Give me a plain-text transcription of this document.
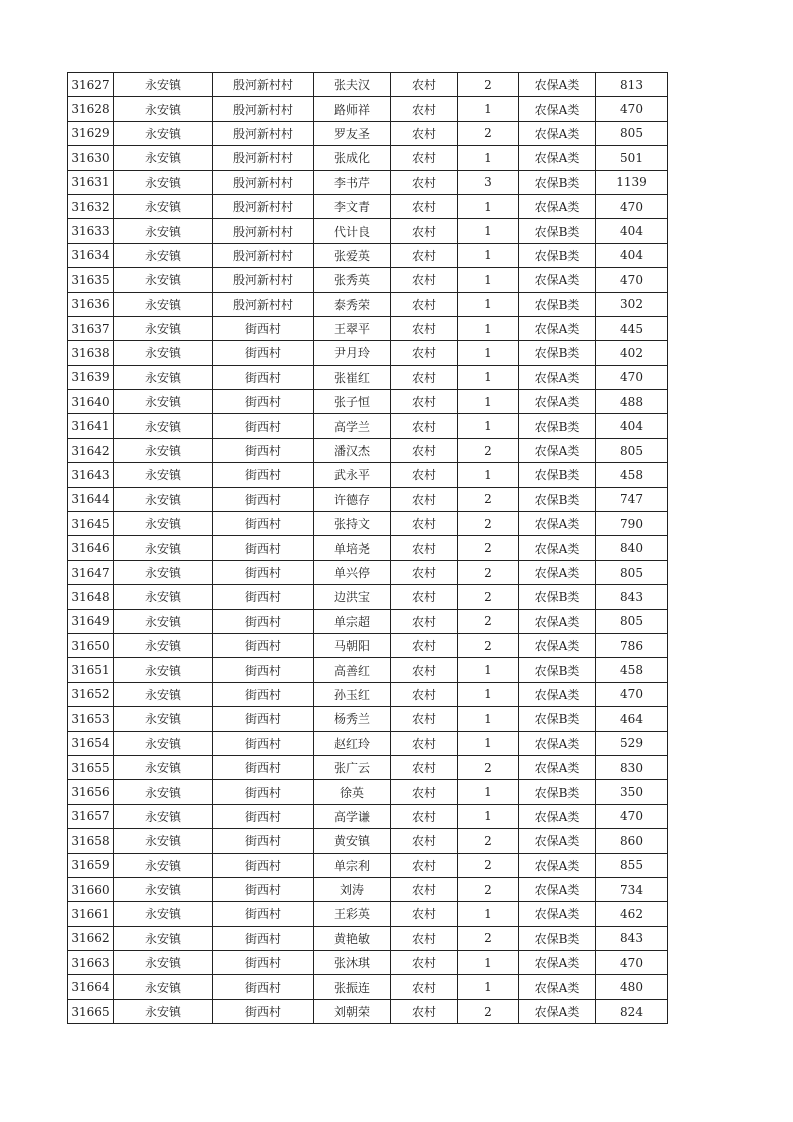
31627	永安镇	殷河新村村	张夫汉	农村	2	农保A类	813
31628	永安镇	殷河新村村	路师祥	农村	1	农保A类	470
31629	永安镇	殷河新村村	罗友圣	农村	2	农保A类	805
31630	永安镇	殷河新村村	张成化	农村	1	农保A类	501
31631	永安镇	殷河新村村	李书芹	农村	3	农保B类	1139
31632	永安镇	殷河新村村	李文青	农村	1	农保A类	470
31633	永安镇	殷河新村村	代计良	农村	1	农保B类	404
31634	永安镇	殷河新村村	张爱英	农村	1	农保B类	404
31635	永安镇	殷河新村村	张秀英	农村	1	农保A类	470
31636	永安镇	殷河新村村	泰秀荣	农村	1	农保B类	302
31637	永安镇	街西村	王翠平	农村	1	农保A类	445
31638	永安镇	街西村	尹月玲	农村	1	农保B类	402
31639	永安镇	街西村	张崔红	农村	1	农保A类	470
31640	永安镇	街西村	张子恒	农村	1	农保A类	488
31641	永安镇	街西村	高学兰	农村	1	农保B类	404
31642	永安镇	街西村	潘汉杰	农村	2	农保A类	805
31643	永安镇	街西村	武永平	农村	1	农保B类	458
31644	永安镇	街西村	许德存	农村	2	农保B类	747
31645	永安镇	街西村	张持文	农村	2	农保A类	790
31646	永安镇	街西村	单培尧	农村	2	农保A类	840
31647	永安镇	街西村	单兴停	农村	2	农保A类	805
31648	永安镇	街西村	边洪宝	农村	2	农保B类	843
31649	永安镇	街西村	单宗超	农村	2	农保A类	805
31650	永安镇	街西村	马朝阳	农村	2	农保A类	786
31651	永安镇	街西村	高善红	农村	1	农保B类	458
31652	永安镇	街西村	孙玉红	农村	1	农保A类	470
31653	永安镇	街西村	杨秀兰	农村	1	农保B类	464
31654	永安镇	街西村	赵红玲	农村	1	农保A类	529
31655	永安镇	街西村	张广云	农村	2	农保A类	830
31656	永安镇	街西村	徐英	农村	1	农保B类	350
31657	永安镇	街西村	高学谦	农村	1	农保A类	470
31658	永安镇	街西村	黄安镇	农村	2	农保A类	860
31659	永安镇	街西村	单宗利	农村	2	农保A类	855
31660	永安镇	街西村	刘涛	农村	2	农保A类	734
31661	永安镇	街西村	王彩英	农村	1	农保A类	462
31662	永安镇	街西村	黄艳敏	农村	2	农保B类	843
31663	永安镇	街西村	张沐琪	农村	1	农保A类	470
31664	永安镇	街西村	张振连	农村	1	农保A类	480
31665	永安镇	街西村	刘朝荣	农村	2	农保A类	824
